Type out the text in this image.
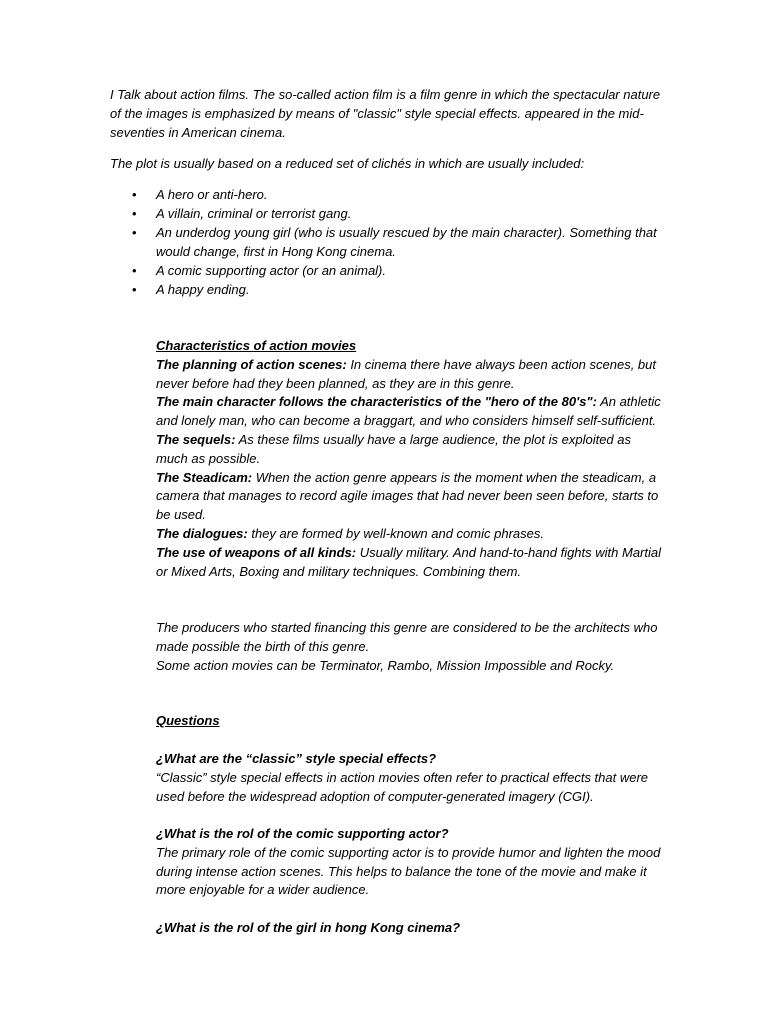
I Talk about action films. The so-called action film is a film genre in which the spectacular nature of the images is emphasized by means of "classic" style special effects. appeared in the mid-seventies in American cinema.

The plot is usually based on a reduced set of clichés in which are usually included:

• A hero or anti-hero.
• A villain, criminal or terrorist gang.
• An underdog young girl (who is usually rescued by the main character). Something that would change, first in Hong Kong cinema.
• A comic supporting actor (or an animal).
• A happy ending.
Characteristics of action movies
The planning of action scenes: In cinema there have always been action scenes, but never before had they been planned, as they are in this genre.
The main character follows the characteristics of the "hero of the 80's": An athletic and lonely man, who can become a braggart, and who considers himself self-sufficient.
The sequels: As these films usually have a large audience, the plot is exploited as much as possible.
The Steadicam: When the action genre appears is the moment when the steadicam, a camera that manages to record agile images that had never been seen before, starts to be used.
The dialogues: they are formed by well-known and comic phrases.
The use of weapons of all kinds: Usually military. And hand-to-hand fights with Martial or Mixed Arts, Boxing and military techniques. Combining them.
The producers who started financing this genre are considered to be the architects who made possible the birth of this genre.
Some action movies can be Terminator, Rambo, Mission Impossible and Rocky.
Questions
¿What are the “classic” style special effects?
“Classic” style special effects in action movies often refer to practical effects that were used before the widespread adoption of computer-generated imagery (CGI).
¿What is the rol of the comic supporting actor?
The primary role of the comic supporting actor is to provide humor and lighten the mood during intense action scenes. This helps to balance the tone of the movie and make it more enjoyable for a wider audience.
¿What is the rol of the girl in hong Kong cinema?
